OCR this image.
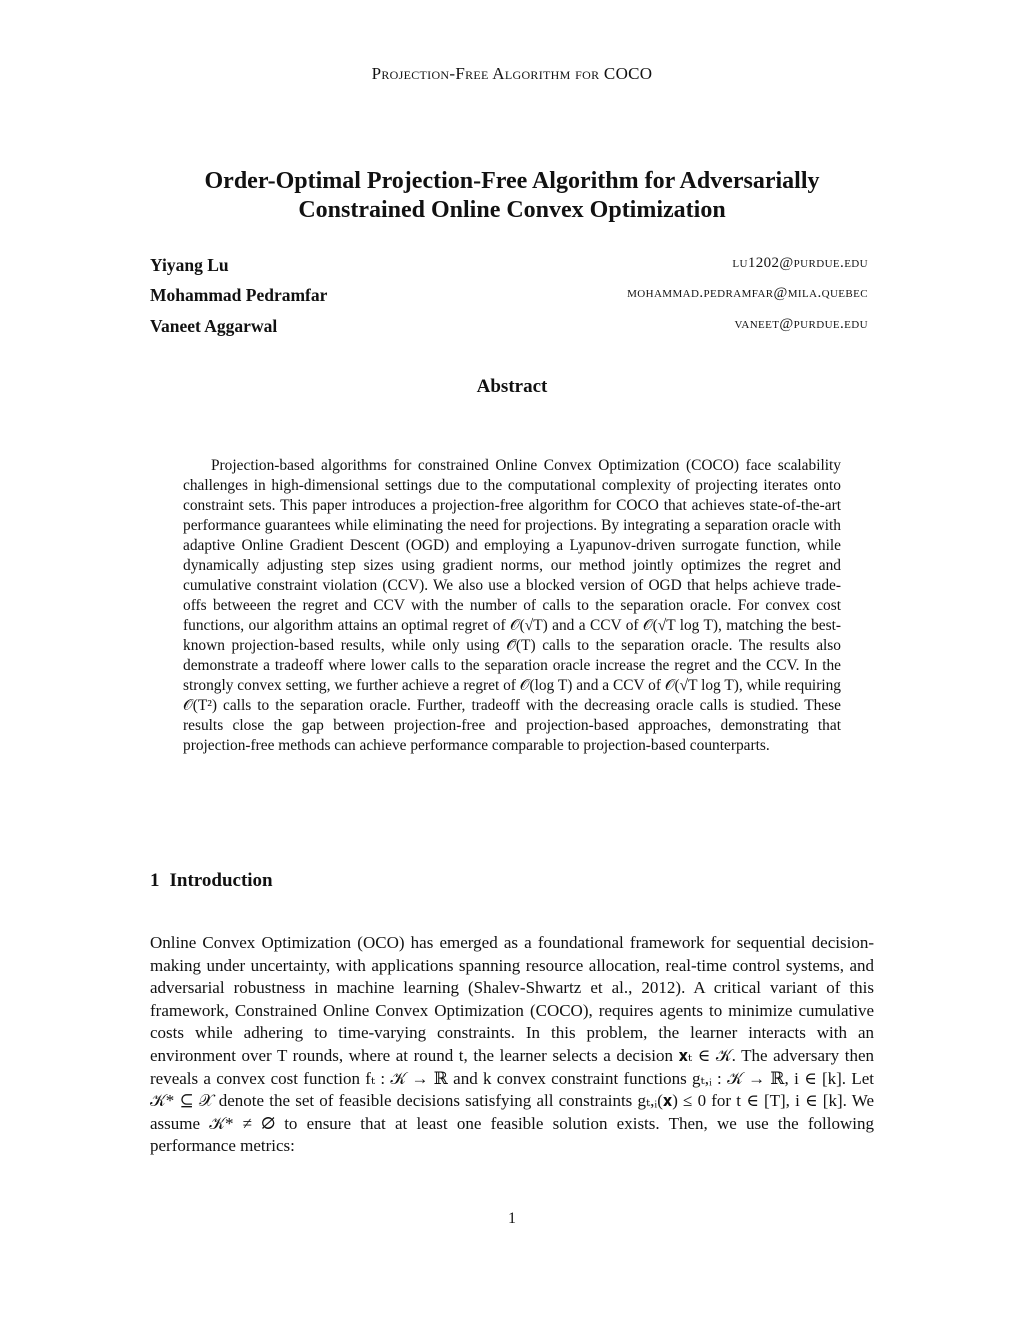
Projection-Free Algorithm for COCO
Order-Optimal Projection-Free Algorithm for Adversarially Constrained Online Convex Optimization
Yiyang Lu	lu1202@purdue.edu
Mohammad Pedramfar	mohammad.pedramfar@mila.quebec
Vaneet Aggarwal	vaneet@purdue.edu
Abstract
Projection-based algorithms for constrained Online Convex Optimization (COCO) face scalability challenges in high-dimensional settings due to the computational complexity of projecting iterates onto constraint sets. This paper introduces a projection-free algorithm for COCO that achieves state-of-the-art performance guarantees while eliminating the need for projections. By integrating a separation oracle with adaptive Online Gradient Descent (OGD) and employing a Lyapunov-driven surrogate function, while dynamically adjusting step sizes using gradient norms, our method jointly optimizes the regret and cumulative constraint violation (CCV). We also use a blocked version of OGD that helps achieve trade-offs betweeen the regret and CCV with the number of calls to the separation oracle. For convex cost functions, our algorithm attains an optimal regret of 𝒪(√T) and a CCV of 𝒪(√T log T), matching the best-known projection-based results, while only using 𝒪̃(T) calls to the separation oracle. The results also demonstrate a tradeoff where lower calls to the separation oracle increase the regret and the CCV. In the strongly convex setting, we further achieve a regret of 𝒪(log T) and a CCV of 𝒪(√T log T), while requiring 𝒪(T²) calls to the separation oracle. Further, tradeoff with the decreasing oracle calls is studied. These results close the gap between projection-free and projection-based approaches, demonstrating that projection-free methods can achieve performance comparable to projection-based counterparts.
1 Introduction
Online Convex Optimization (OCO) has emerged as a foundational framework for sequential decision-making under uncertainty, with applications spanning resource allocation, real-time control systems, and adversarial robustness in machine learning (Shalev-Shwartz et al., 2012). A critical variant of this framework, Constrained Online Convex Optimization (COCO), requires agents to minimize cumulative costs while adhering to time-varying constraints. In this problem, the learner interacts with an environment over T rounds, where at round t, the learner selects a decision 𝐱ₜ ∈ 𝒦. The adversary then reveals a convex cost function fₜ : 𝒦 → ℝ and k convex constraint functions gₜ,ᵢ : 𝒦 → ℝ, i ∈ [k]. Let 𝒦* ⊆ 𝒳 denote the set of feasible decisions satisfying all constraints gₜ,ᵢ(𝐱) ≤ 0 for t ∈ [T], i ∈ [k]. We assume 𝒦* ≠ ∅ to ensure that at least one feasible solution exists. Then, we use the following performance metrics:
1
